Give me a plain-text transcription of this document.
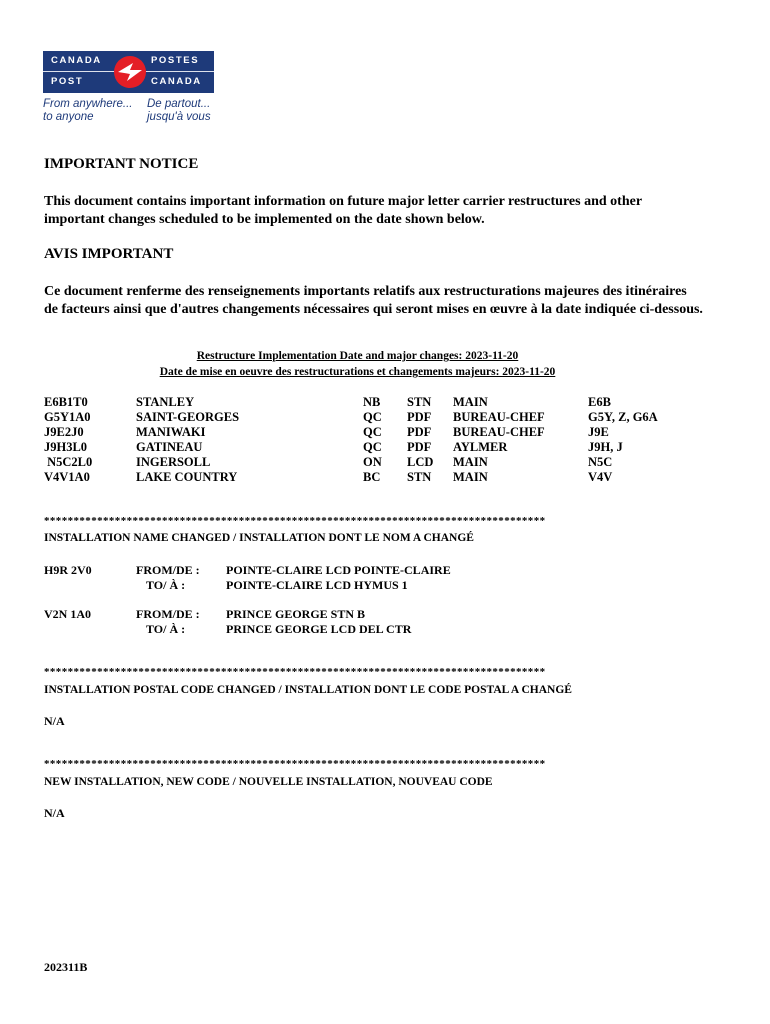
CANADA
POST
POSTES
CANADA
From anywhere...
to anyone
De partout...
jusqu'à vous
IMPORTANT NOTICE
This document contains important information on future major letter carrier restructures and other important changes scheduled to be implemented on the date shown below.
AVIS IMPORTANT
Ce document renferme des renseignements importants relatifs aux restructurations majeures des itinéraires de facteurs ainsi que d'autres changements nécessaires qui seront mises en œuvre à la date indiquée ci-dessous.
Restructure Implementation Date and major changes: 2023-11-20
Date de mise en oeuvre des restructurations et changements majeurs: 2023-11-20
E6B1T0
G5Y1A0
J9E2J0
J9H3L0
N5C2L0
V4V1A0
STANLEY
SAINT-GEORGES
MANIWAKI
GATINEAU
INGERSOLL
LAKE COUNTRY
NB
QC
QC
QC
ON
BC
STN
PDF
PDF
PDF
LCD
STN
MAIN
BUREAU-CHEF
BUREAU-CHEF
AYLMER
MAIN
MAIN
E6B
G5Y, Z, G6A
J9E
J9H, J
N5C
V4V
*************************************************************************************
INSTALLATION NAME CHANGED / INSTALLATION DONT LE NOM A CHANGÉ
H9R 2V0	FROM/DE :
TO/ À :
POINTE-CLAIRE LCD POINTE-CLAIRE
POINTE-CLAIRE LCD HYMUS 1
V2N 1A0	FROM/DE :
TO/ À :
PRINCE GEORGE STN B
PRINCE GEORGE LCD DEL CTR
*************************************************************************************
INSTALLATION POSTAL CODE CHANGED / INSTALLATION DONT LE CODE POSTAL A CHANGÉ
N/A
*************************************************************************************
NEW INSTALLATION, NEW CODE / NOUVELLE INSTALLATION, NOUVEAU CODE
N/A
202311B
